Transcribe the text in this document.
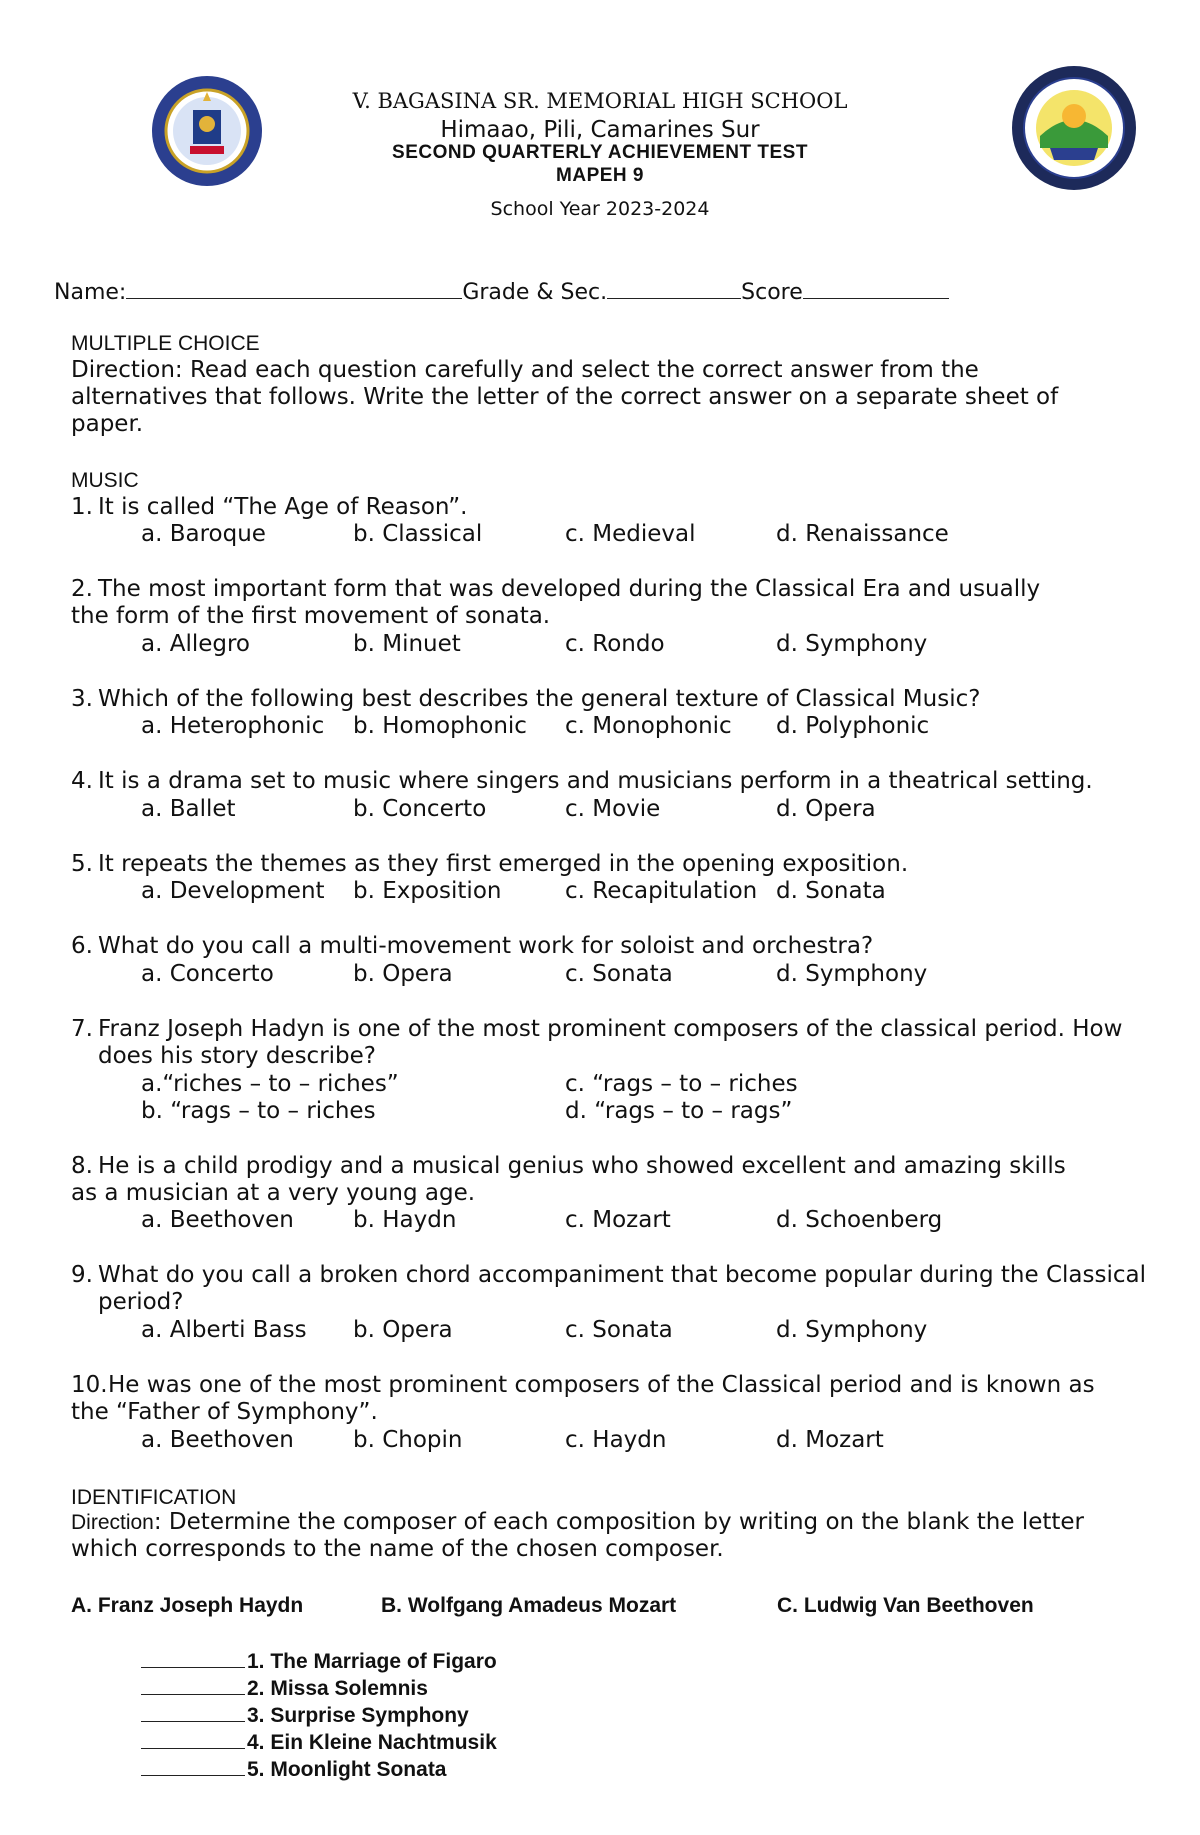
V. BAGASINA SR. MEMORIAL HIGH SCHOOL
Himaao, Pili, Camarines Sur
SECOND QUARTERLY ACHIEVEMENT TEST
MAPEH 9
School Year 2023-2024
Name:	Grade & Sec.	Score
MULTIPLE CHOICE
Direction: Read each question carefully and select the correct answer from the
alternatives that follows. Write the letter of the correct answer on a separate sheet of
paper.
MUSIC
1. It is called “The Age of Reason”.
a. Baroque	b. Classical	c. Medieval	d. Renaissance
2. The most important form that was developed during the Classical Era and usually
the form of the first movement of sonata.
a. Allegro	b. Minuet	c. Rondo	d. Symphony
3. Which of the following best describes the general texture of Classical Music?
a. Heterophonic b. Homophonic c. Monophonic d. Polyphonic
4. It is a drama set to music where singers and musicians perform in a theatrical setting.
a. Ballet	b. Concerto	c. Movie	d. Opera
5. It repeats the themes as they first emerged in the opening exposition.
a. Development b. Exposition	c. Recapitulation d. Sonata
6. What do you call a multi-movement work for soloist and orchestra?
a. Concerto	b. Opera	c. Sonata	d. Symphony
7. Franz Joseph Hadyn is one of the most prominent composers of the classical period. How
does his story describe?
a.“riches – to – riches”	c. “rags – to – riches
b. “rags – to – riches	d. “rags – to – rags”
8. He is a child prodigy and a musical genius who showed excellent and amazing skills
as a musician at a very young age.
a. Beethoven	b. Haydn	c. Mozart	d. Schoenberg
9. What do you call a broken chord accompaniment that become popular during the Classical
period?
a. Alberti Bass b. Opera	c. Sonata	d. Symphony
10. He was one of the most prominent composers of the Classical period and is known as
the “Father of Symphony”.
a. Beethoven	b. Chopin	c. Haydn	d. Mozart
IDENTIFICATION
Direction: Determine the composer of each composition by writing on the blank the letter
which corresponds to the name of the chosen composer.
A. Franz Joseph Haydn	B. Wolfgang Amadeus Mozart	C. Ludwig Van Beethoven
1. The Marriage of Figaro
2. Missa Solemnis
3. Surprise Symphony
4. Ein Kleine Nachtmusik
5. Moonlight Sonata
